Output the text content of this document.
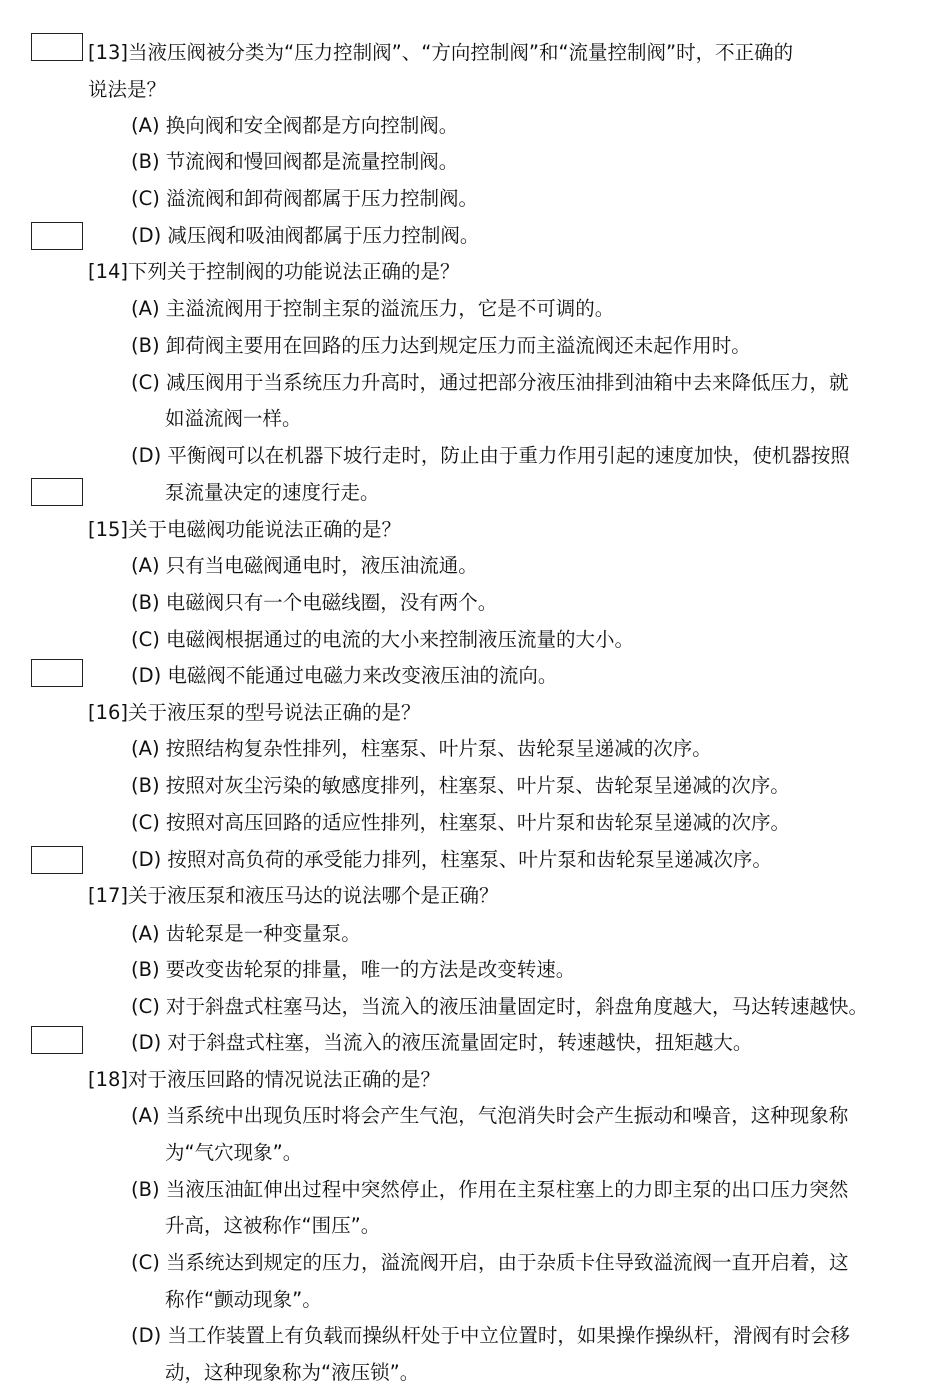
[13]当液压阀被分类为“压力控制阀”、“方向控制阀”和“流量控制阀”时，不正确的
说法是？
(A) 换向阀和安全阀都是方向控制阀。
(B) 节流阀和慢回阀都是流量控制阀。
(C) 溢流阀和卸荷阀都属于压力控制阀。
(D) 减压阀和吸油阀都属于压力控制阀。
[14]下列关于控制阀的功能说法正确的是？
(A) 主溢流阀用于控制主泵的溢流压力，它是不可调的。
(B) 卸荷阀主要用在回路的压力达到规定压力而主溢流阀还未起作用时。
(C) 减压阀用于当系统压力升高时，通过把部分液压油排到油箱中去来降低压力，就
如溢流阀一样。
(D) 平衡阀可以在机器下坡行走时，防止由于重力作用引起的速度加快，使机器按照
泵流量决定的速度行走。
[15]关于电磁阀功能说法正确的是？
(A) 只有当电磁阀通电时，液压油流通。
(B) 电磁阀只有一个电磁线圈，没有两个。
(C) 电磁阀根据通过的电流的大小来控制液压流量的大小。
(D) 电磁阀不能通过电磁力来改变液压油的流向。
[16]关于液压泵的型号说法正确的是？
(A) 按照结构复杂性排列，柱塞泵、叶片泵、齿轮泵呈递减的次序。
(B) 按照对灰尘污染的敏感度排列，柱塞泵、叶片泵、齿轮泵呈递减的次序。
(C) 按照对高压回路的适应性排列，柱塞泵、叶片泵和齿轮泵呈递减的次序。
(D) 按照对高负荷的承受能力排列，柱塞泵、叶片泵和齿轮泵呈递减次序。
[17]关于液压泵和液压马达的说法哪个是正确？
(A) 齿轮泵是一种变量泵。
(B) 要改变齿轮泵的排量，唯一的方法是改变转速。
(C) 对于斜盘式柱塞马达，当流入的液压油量固定时，斜盘角度越大，马达转速越快。
(D) 对于斜盘式柱塞，当流入的液压流量固定时，转速越快，扭矩越大。
[18]对于液压回路的情况说法正确的是？
(A) 当系统中出现负压时将会产生气泡，气泡消失时会产生振动和噪音，这种现象称
为“气穴现象”。
(B) 当液压油缸伸出过程中突然停止，作用在主泵柱塞上的力即主泵的出口压力突然
升高，这被称作“围压”。
(C) 当系统达到规定的压力，溢流阀开启，由于杂质卡住导致溢流阀一直开启着，这
称作“颤动现象”。
(D) 当工作装置上有负载而操纵杆处于中立位置时，如果操作操纵杆，滑阀有时会移
动，这种现象称为“液压锁”。
